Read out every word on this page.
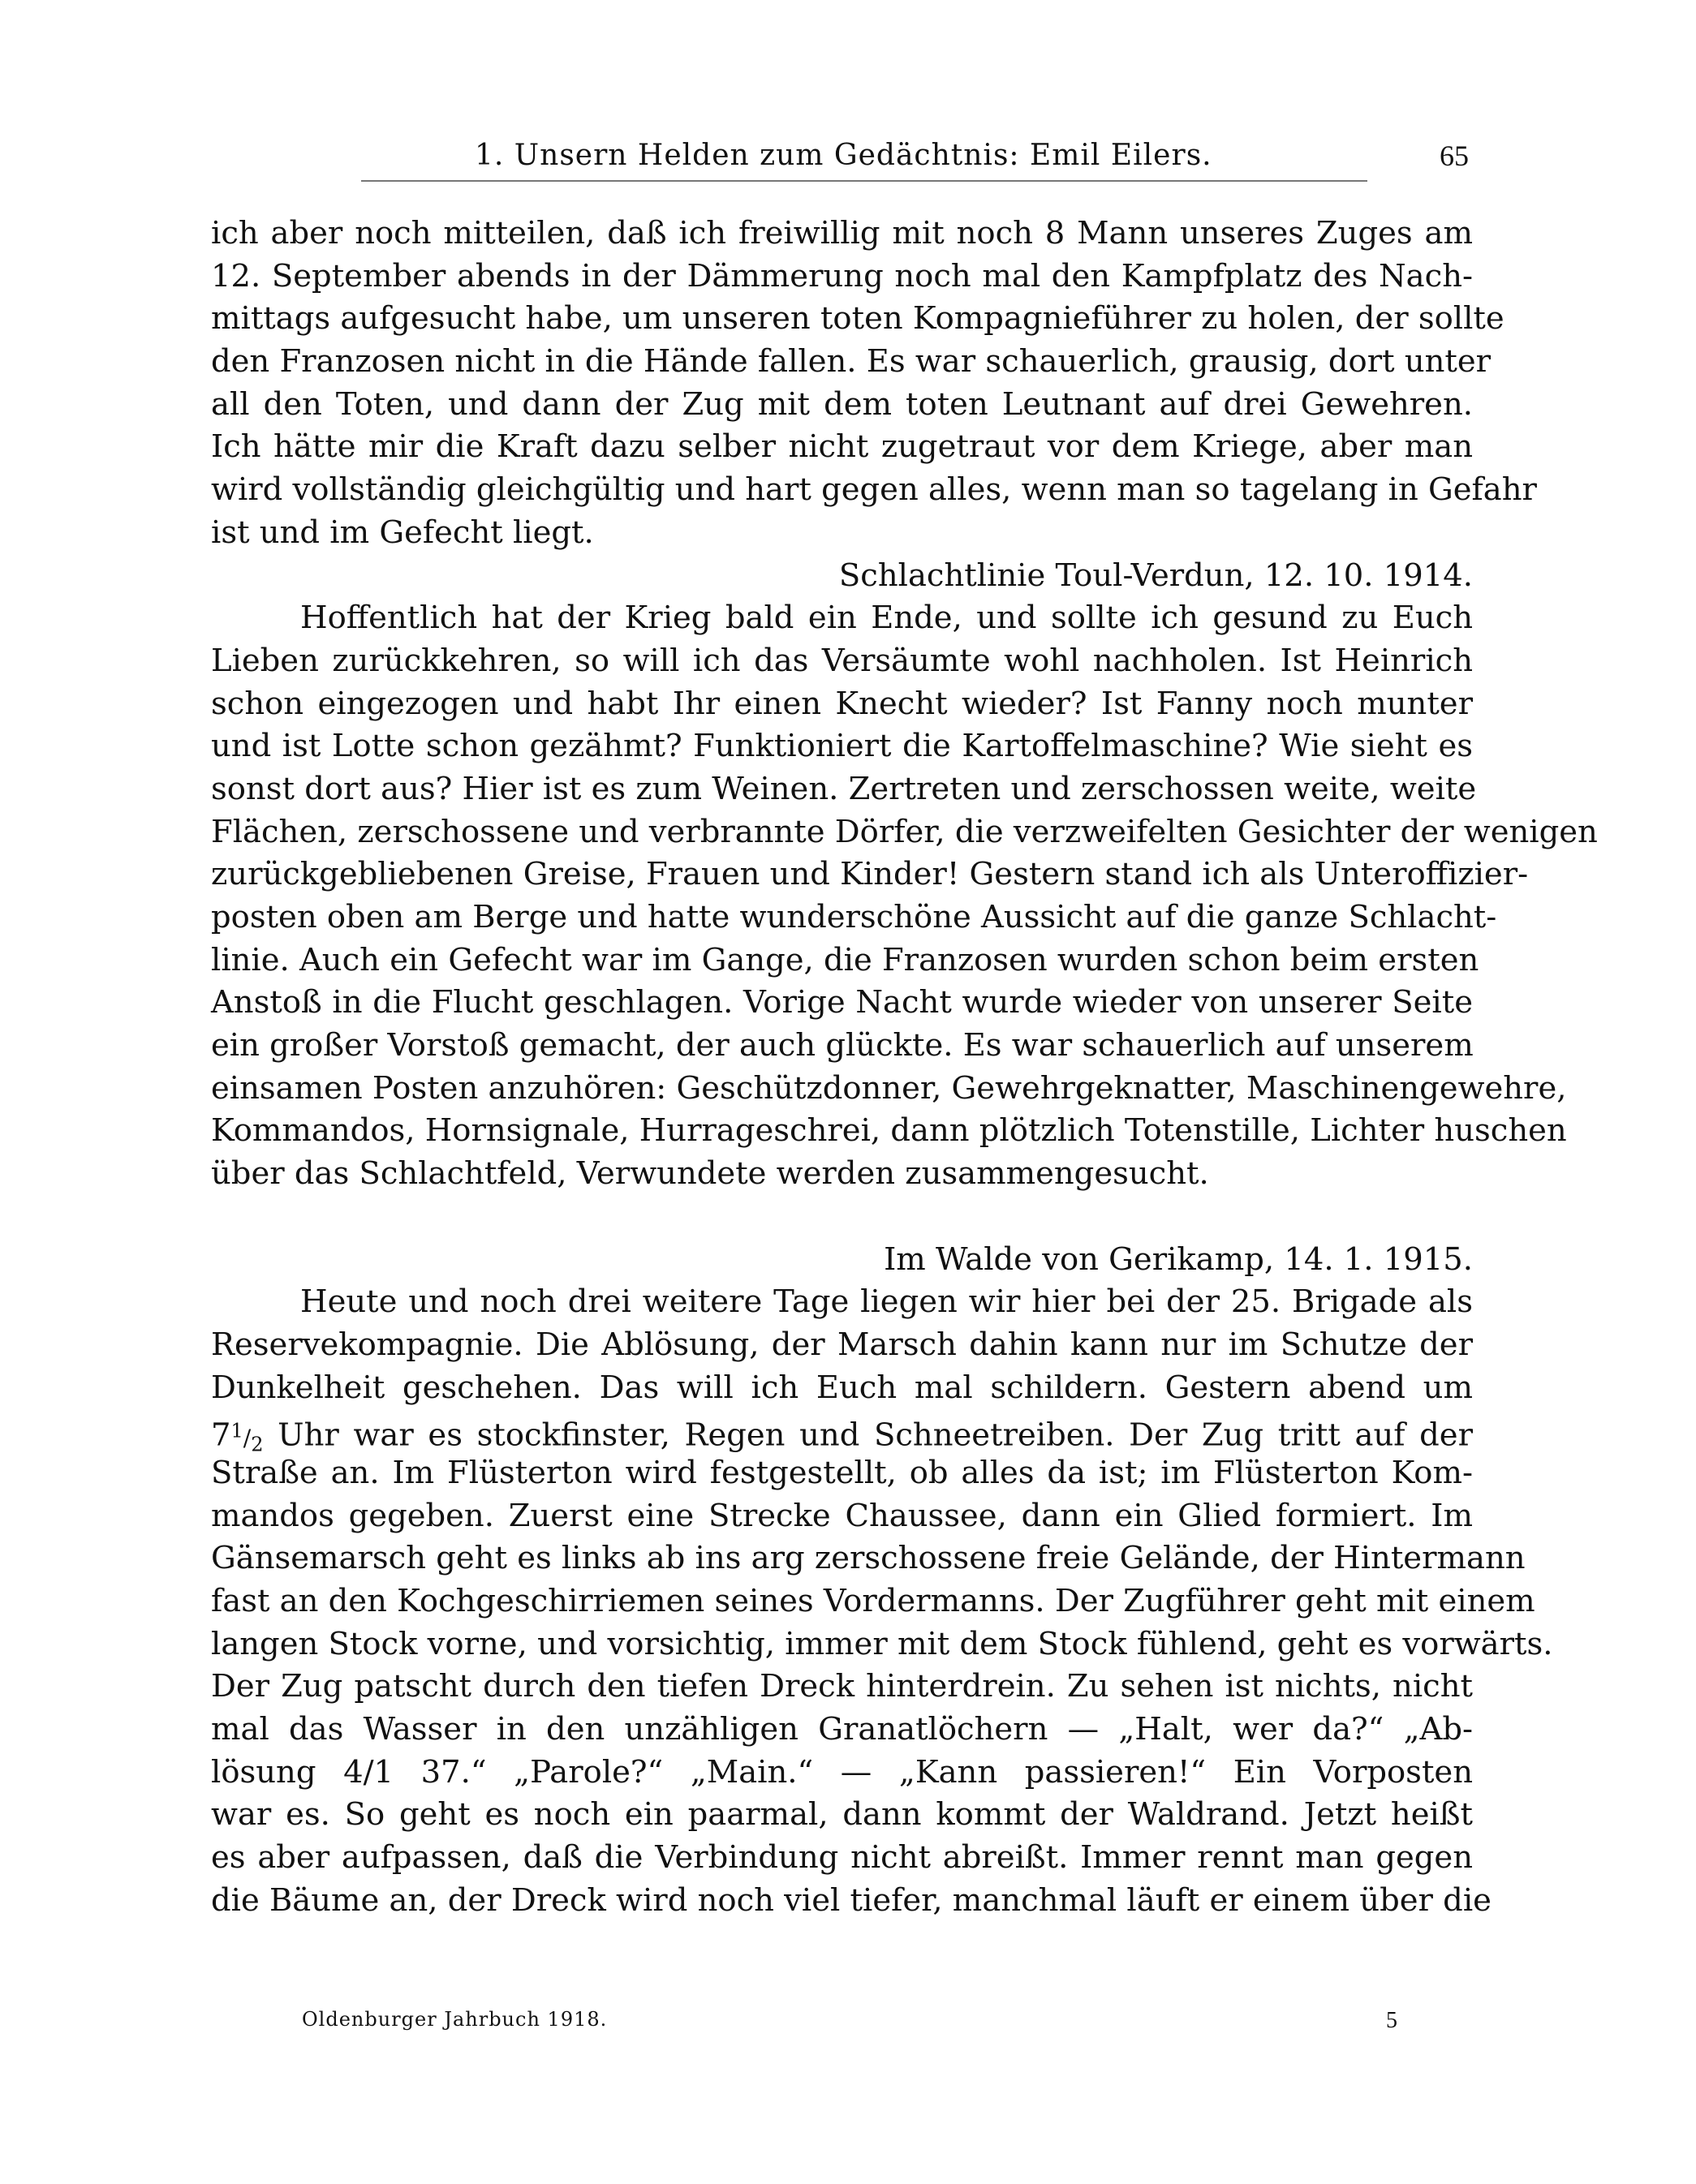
1. Unsern Helden zum Gedächtnis: Emil Eilers.	65
ich aber noch mitteilen, daß ich freiwillig mit noch 8 Mann unseres Zuges am
12. September abends in der Dämmerung noch mal den Kampfplatz des Nach-
mittags aufgesucht habe, um unseren toten Kompagnieführer zu holen, der sollte
den Franzosen nicht in die Hände fallen. Es war schauerlich, grausig, dort unter
all den Toten, und dann der Zug mit dem toten Leutnant auf drei Gewehren.
Ich hätte mir die Kraft dazu selber nicht zugetraut vor dem Kriege, aber man
wird vollständig gleichgültig und hart gegen alles, wenn man so tagelang in Gefahr
ist und im Gefecht liegt.
Schlachtlinie Toul-Verdun, 12. 10. 1914.
Hoffentlich hat der Krieg bald ein Ende, und sollte ich gesund zu Euch
Lieben zurückkehren, so will ich das Versäumte wohl nachholen. Ist Heinrich
schon eingezogen und habt Ihr einen Knecht wieder? Ist Fanny noch munter
und ist Lotte schon gezähmt? Funktioniert die Kartoffelmaschine? Wie sieht es
sonst dort aus? Hier ist es zum Weinen. Zertreten und zerschossen weite, weite
Flächen, zerschossene und verbrannte Dörfer, die verzweifelten Gesichter der wenigen
zurückgebliebenen Greise, Frauen und Kinder! Gestern stand ich als Unteroffizier-
posten oben am Berge und hatte wunderschöne Aussicht auf die ganze Schlacht-
linie. Auch ein Gefecht war im Gange, die Franzosen wurden schon beim ersten
Anstoß in die Flucht geschlagen. Vorige Nacht wurde wieder von unserer Seite
ein großer Vorstoß gemacht, der auch glückte. Es war schauerlich auf unserem
einsamen Posten anzuhören: Geschützdonner, Gewehrgeknatter, Maschinengewehre,
Kommandos, Hornsignale, Hurrageschrei, dann plötzlich Totenstille, Lichter huschen
über das Schlachtfeld, Verwundete werden zusammengesucht.
Im Walde von Gerikamp, 14. 1. 1915.
Heute und noch drei weitere Tage liegen wir hier bei der 25. Brigade als
Reservekompagnie. Die Ablösung, der Marsch dahin kann nur im Schutze der
Dunkelheit geschehen. Das will ich Euch mal schildern. Gestern abend um
$7^1/_2$ Uhr war es stockfinster, Regen und Schneetreiben. Der Zug tritt auf der
Straße an. Im Flüsterton wird festgestellt, ob alles da ist; im Flüsterton Kom-
mandos gegeben. Zuerst eine Strecke Chaussee, dann ein Glied formiert. Im
Gänsemarsch geht es links ab ins arg zerschossene freie Gelände, der Hintermann
fast an den Kochgeschirriemen seines Vordermanns. Der Zugführer geht mit einem
langen Stock vorne, und vorsichtig, immer mit dem Stock fühlend, geht es vorwärts.
Der Zug patscht durch den tiefen Dreck hinterdrein. Zu sehen ist nichts, nicht
mal das Wasser in den unzähligen Granatlöchern — „Halt, wer da?“ „Ab-
lösung 4/1 37.“ „Parole?“ „Main.“ — „Kann passieren!“ Ein Vorposten
war es. So geht es noch ein paarmal, dann kommt der Waldrand. Jetzt heißt
es aber aufpassen, daß die Verbindung nicht abreißt. Immer rennt man gegen
die Bäume an, der Dreck wird noch viel tiefer, manchmal läuft er einem über die
Oldenburger Jahrbuch 1918.	5
